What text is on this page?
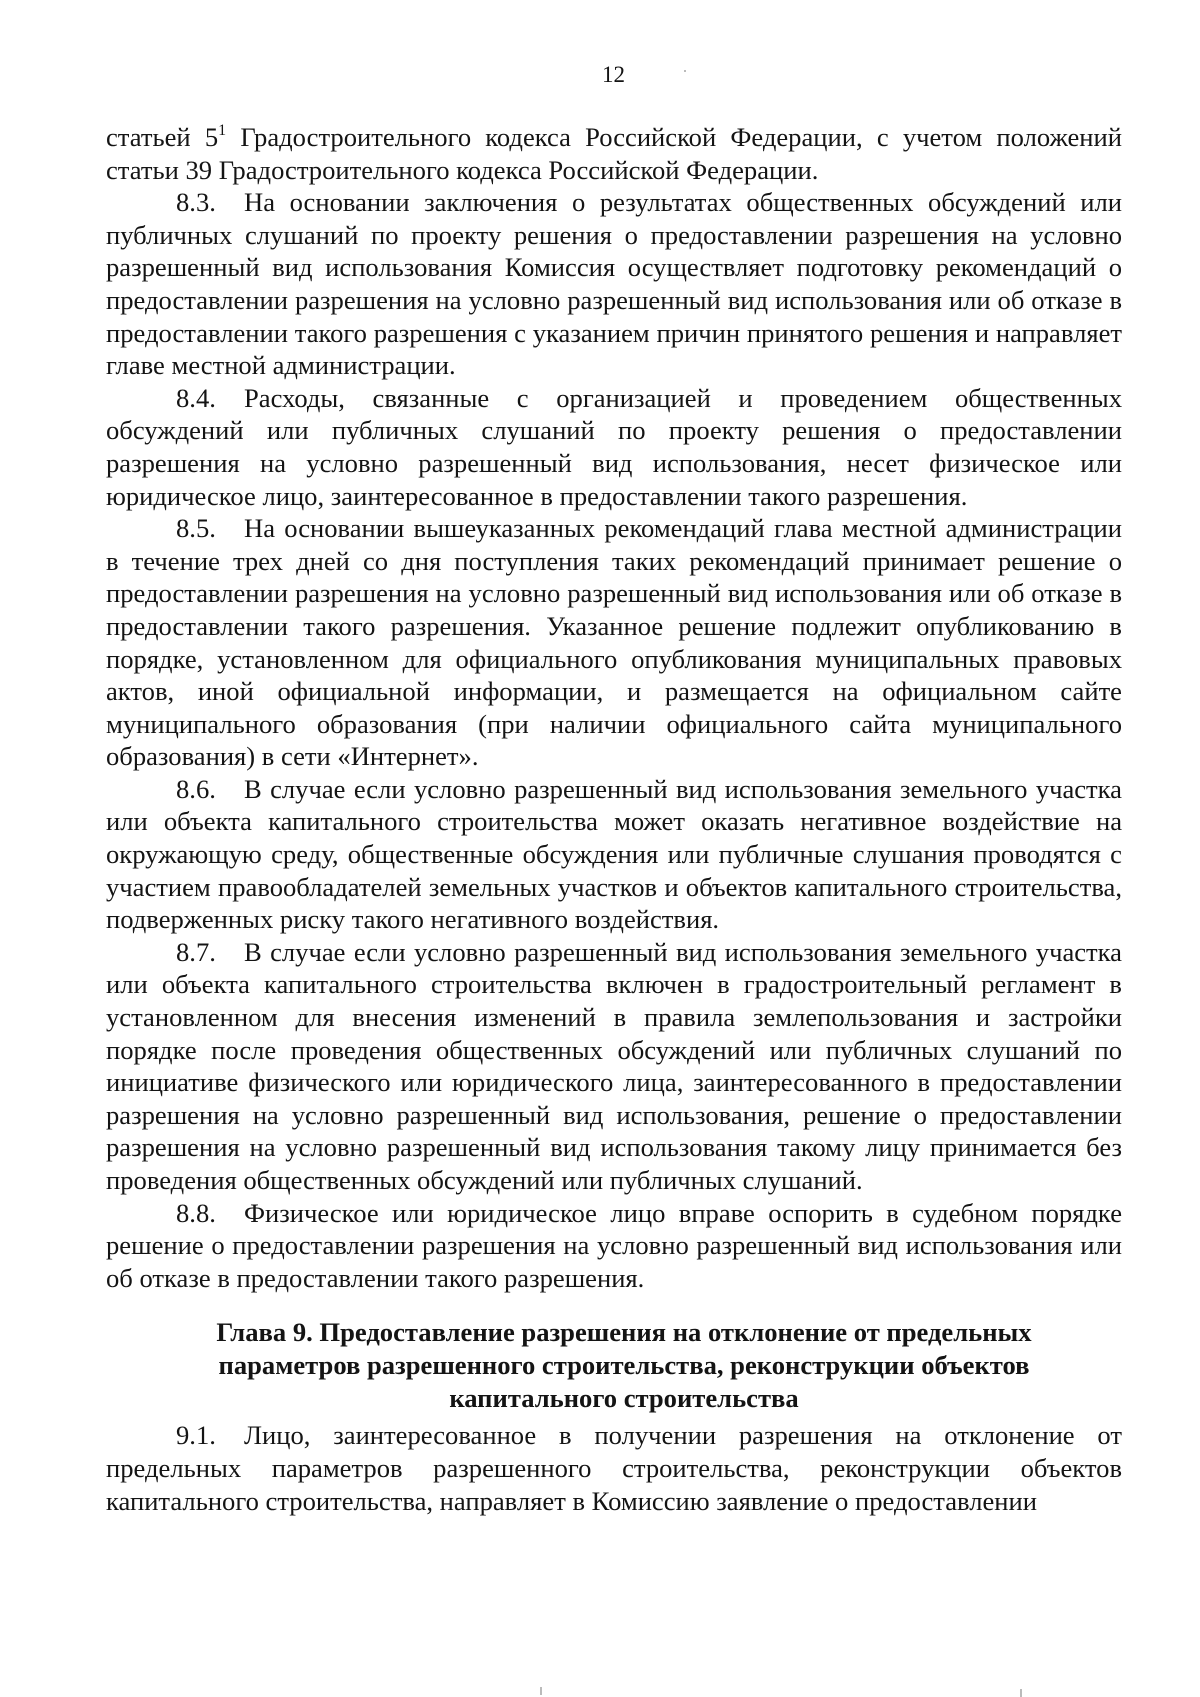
12

статьей $5^1$ Градостроительного кодекса Российской Федерации, с учетом положений статьи 39 Градостроительного кодекса Российской Федерации.

8.3. На основании заключения о результатах общественных обсуждений или публичных слушаний по проекту решения о предоставлении разрешения на условно разрешенный вид использования Комиссия осуществляет подготовку рекомендаций о предоставлении разрешения на условно разрешенный вид использования или об отказе в предоставлении такого разрешения с указанием причин принятого решения и направляет главе местной администрации.

8.4. Расходы, связанные с организацией и проведением общественных обсуждений или публичных слушаний по проекту решения о предоставлении разрешения на условно разрешенный вид использования, несет физическое или юридическое лицо, заинтересованное в предоставлении такого разрешения.

8.5. На основании вышеуказанных рекомендаций глава местной администрации в течение трех дней со дня поступления таких рекомендаций принимает решение о предоставлении разрешения на условно разрешенный вид использования или об отказе в предоставлении такого разрешения. Указанное решение подлежит опубликованию в порядке, установленном для официального опубликования муниципальных правовых актов, иной официальной информации, и размещается на официальном сайте муниципального образования (при наличии официального сайта муниципального образования) в сети «Интернет».

8.6. В случае если условно разрешенный вид использования земельного участка или объекта капитального строительства может оказать негативное воздействие на окружающую среду, общественные обсуждения или публичные слушания проводятся с участием правообладателей земельных участков и объектов капитального строительства, подверженных риску такого негативного воздействия.

8.7. В случае если условно разрешенный вид использования земельного участка или объекта капитального строительства включен в градостроительный регламент в установленном для внесения изменений в правила землепользования и застройки порядке после проведения общественных обсуждений или публичных слушаний по инициативе физического или юридического лица, заинтересованного в предоставлении разрешения на условно разрешенный вид использования, решение о предоставлении разрешения на условно разрешенный вид использования такому лицу принимается без проведения общественных обсуждений или публичных слушаний.

8.8. Физическое или юридическое лицо вправе оспорить в судебном порядке решение о предоставлении разрешения на условно разрешенный вид использования или об отказе в предоставлении такого разрешения.

Глава 9. Предоставление разрешения на отклонение от предельных
параметров разрешенного строительства, реконструкции объектов
капитального строительства

9.1. Лицо, заинтересованное в получении разрешения на отклонение от предельных параметров разрешенного строительства, реконструкции объектов капитального строительства, направляет в Комиссию заявление о предоставлении
